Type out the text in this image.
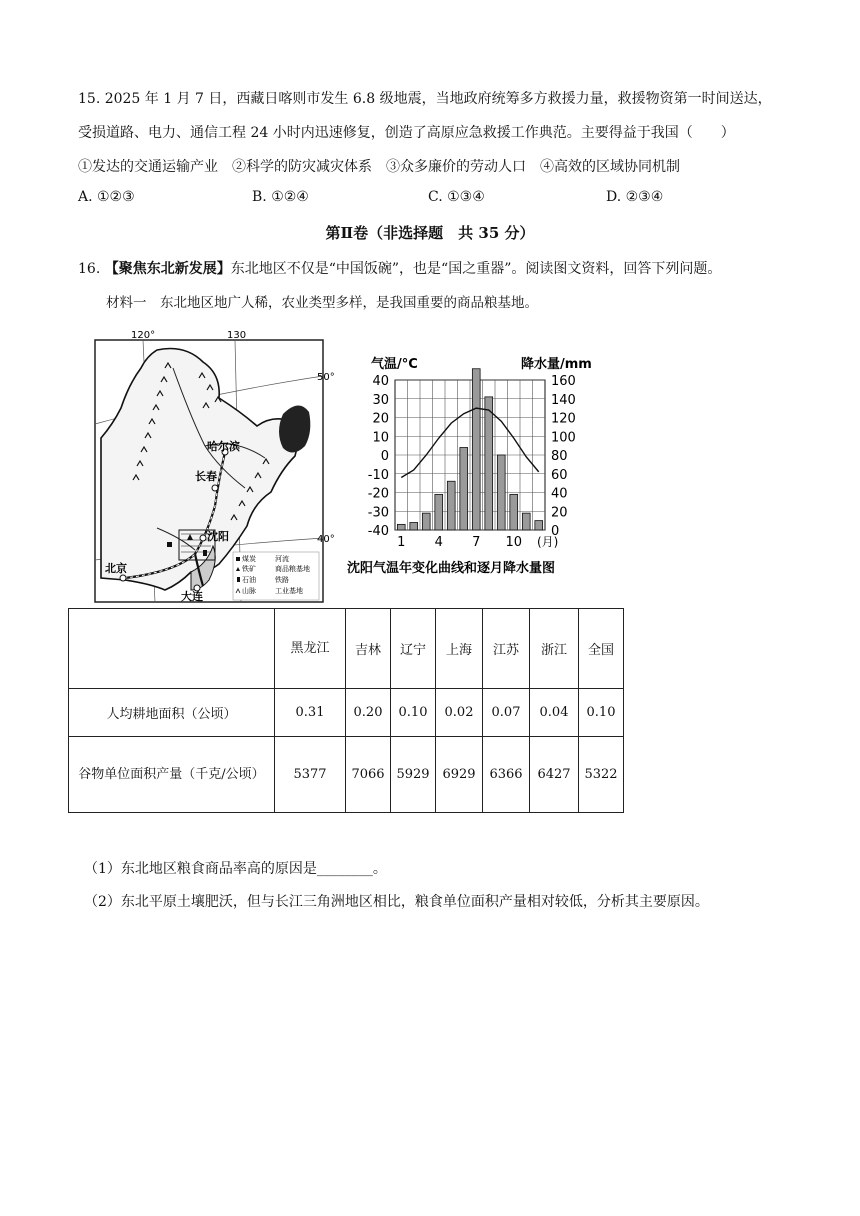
15. 2025 年 1 月 7 日，西藏日喀则市发生 6.8 级地震，当地政府统筹多方救援力量，救援物资第一时间送达，
受损道路、电力、通信工程 24 小时内迅速修复，创造了高原应急救援工作典范。主要得益于我国（　　）
①发达的交通运输产业　②科学的防灾减灾体系　③众多廉价的劳动人口　④高效的区域协同机制
A. ①②③	B. ①②④	C. ①③④	D. ②③④
第Ⅱ卷（非选择题　共 35 分）
16. 【聚焦东北新发展】东北地区不仅是“中国饭碗”，也是“国之重器”。阅读图文资料，回答下列问题。
材料一　东北地区地广人稀，农业类型多样，是我国重要的商品粮基地。
120°	130
50°
40°
哈尔滨
长春
沈阳
北京
大连
煤炭	河流
铁矿	商品粮基地
石油	铁路
山脉	工业基地
40	160
30	140
20	120
10	100
0	80
-10	60
-20	40
-30	20
-40	0
1 4 7 10
气温/°C	降水量/mm
(月)
沈阳气温年变化曲线和逐月降水量图
	黑龙江	吉林	辽宁	上海	江苏	浙江	全国
人均耕地面积（公顷）	0.31	0.20	0.10	0.02	0.07	0.04	0.10
谷物单位面积产量（千克/公顷）	5377	7066	5929	6929	6366	6427	5322
（1）东北地区粮食商品率高的原因是________。
（2）东北平原土壤肥沃，但与长江三角洲地区相比，粮食单位面积产量相对较低，分析其主要原因。
